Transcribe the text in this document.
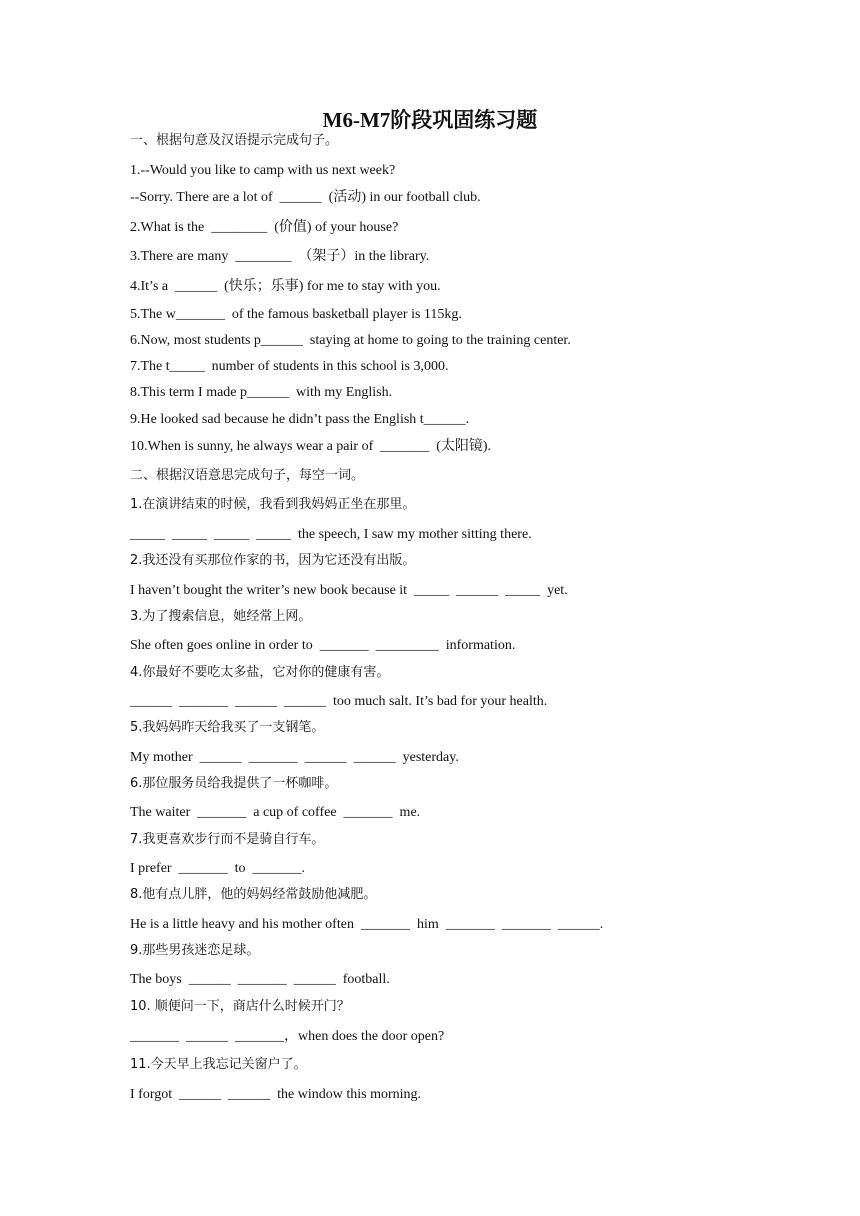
M6-M7阶段巩固练习题
一、根据句意及汉语提示完成句子。
1.--Would you like to camp with us next week?
--Sorry. There are a lot of  ______  (活动) in our football club.
2.What is the  ________  (价值) of your house?
3.There are many  ________  （架子）in the library.
4.It’s a  ______  (快乐；乐事) for me to stay with you.
5.The w_______  of the famous basketball player is 115kg.
6.Now, most students p______  staying at home to going to the training center.
7.The t_____  number of students in this school is 3,000.
8.This term I made p______  with my English.
9.He looked sad because he didn’t pass the English t______.
10.When is sunny, he always wear a pair of  _______  (太阳镜).
二、根据汉语意思完成句子，每空一词。
1.在演讲结束的时候，我看到我妈妈正坐在那里。
_____  _____  _____  _____  the speech, I saw my mother sitting there.
2.我还没有买那位作家的书，因为它还没有出版。
I haven’t bought the writer’s new book because it  _____  ______  _____  yet.
3.为了搜索信息，她经常上网。
She often goes online in order to  _______  _________  information.
4.你最好不要吃太多盐，它对你的健康有害。
______  _______  ______  ______  too much salt. It’s bad for your health.
5.我妈妈昨天给我买了一支钢笔。
My mother  ______  _______  ______  ______  yesterday.
6.那位服务员给我提供了一杯咖啡。
The waiter  _______  a cup of coffee  _______  me.
7.我更喜欢步行而不是骑自行车。
I prefer  _______  to  _______.
8.他有点儿胖，他的妈妈经常鼓励他减肥。
He is a little heavy and his mother often  _______  him  _______  _______  ______.
9.那些男孩迷恋足球。
The boys  ______  _______  ______  football.
10. 顺便问一下，商店什么时候开门？
_______  ______  _______，when does the door open?
11.今天早上我忘记关窗户了。
I forgot  ______  ______  the window this morning.
